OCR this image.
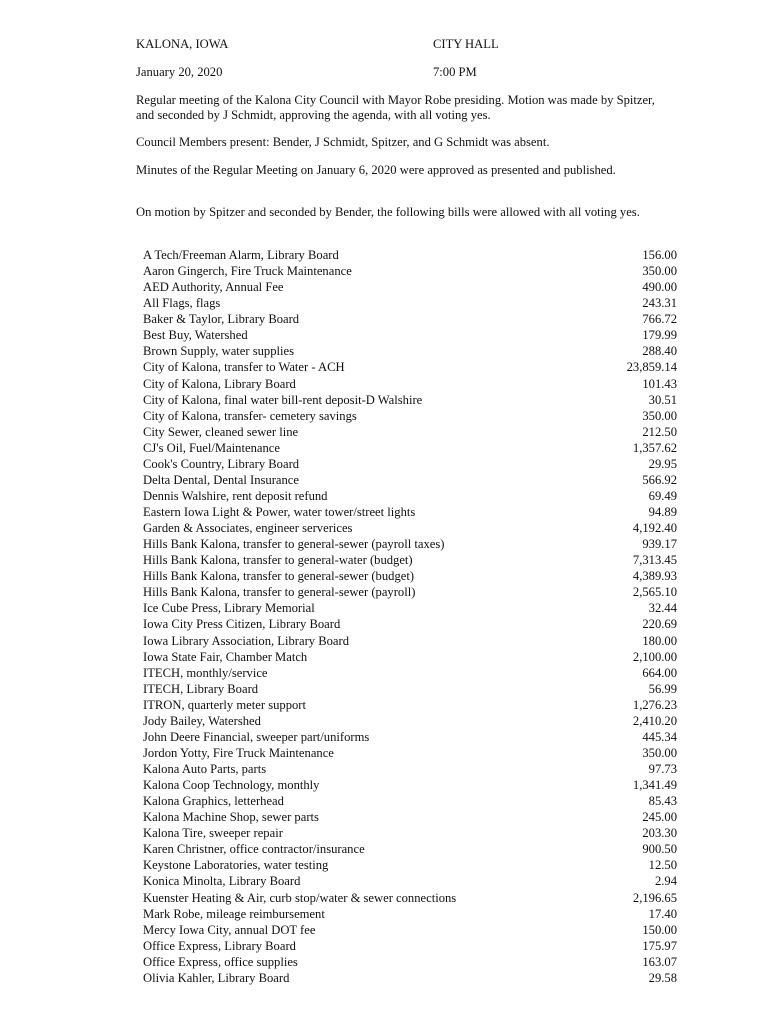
KALONA, IOWA	CITY HALL
January 20, 2020	7:00 PM
Regular meeting of the Kalona City Council with Mayor Robe presiding. Motion was made by Spitzer, and seconded by J Schmidt, approving the agenda, with all voting yes.
Council Members present: Bender, J Schmidt, Spitzer, and G Schmidt was absent.
Minutes of the Regular Meeting on January 6, 2020 were approved as presented and published.
On motion by Spitzer and seconded by Bender, the following bills were allowed with all voting yes.
A Tech/Freeman Alarm, Library Board	156.00
Aaron Gingerch, Fire Truck Maintenance	350.00
AED Authority, Annual Fee	490.00
All Flags, flags	243.31
Baker & Taylor, Library Board	766.72
Best Buy, Watershed	179.99
Brown Supply, water supplies	288.40
City of Kalona, transfer to Water - ACH	23,859.14
City of Kalona, Library Board	101.43
City of Kalona, final water bill-rent deposit-D Walshire	30.51
City of Kalona, transfer- cemetery savings	350.00
City Sewer, cleaned sewer line	212.50
CJ's Oil, Fuel/Maintenance	1,357.62
Cook's Country, Library Board	29.95
Delta Dental, Dental Insurance	566.92
Dennis Walshire, rent deposit refund	69.49
Eastern Iowa Light & Power, water tower/street lights	94.89
Garden & Associates, engineer serverices	4,192.40
Hills Bank Kalona, transfer to general-sewer (payroll taxes)	939.17
Hills Bank Kalona, transfer to general-water (budget)	7,313.45
Hills Bank Kalona, transfer to general-sewer (budget)	4,389.93
Hills Bank Kalona, transfer to general-sewer (payroll)	2,565.10
Ice Cube Press, Library Memorial	32.44
Iowa City Press Citizen, Library Board	220.69
Iowa Library Association, Library Board	180.00
Iowa State Fair, Chamber Match	2,100.00
ITECH, monthly/service	664.00
ITECH, Library Board	56.99
ITRON, quarterly meter support	1,276.23
Jody Bailey, Watershed	2,410.20
John Deere Financial, sweeper part/uniforms	445.34
Jordon Yotty, Fire Truck Maintenance	350.00
Kalona Auto Parts, parts	97.73
Kalona Coop Technology, monthly	1,341.49
Kalona Graphics, letterhead	85.43
Kalona Machine Shop, sewer parts	245.00
Kalona Tire, sweeper repair	203.30
Karen Christner, office contractor/insurance	900.50
Keystone Laboratories, water testing	12.50
Konica Minolta, Library Board	2.94
Kuenster Heating & Air, curb stop/water & sewer connections	2,196.65
Mark Robe, mileage reimbursement	17.40
Mercy Iowa City, annual DOT fee	150.00
Office Express, Library Board	175.97
Office Express, office supplies	163.07
Olivia Kahler, Library Board	29.58
